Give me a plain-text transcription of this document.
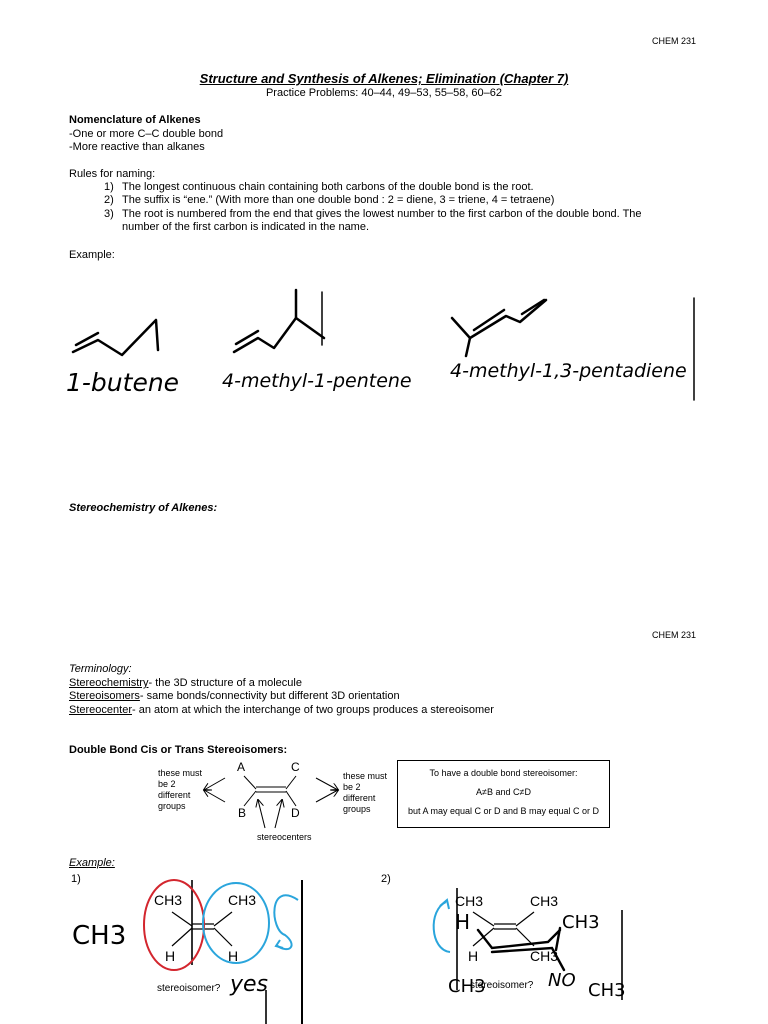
CHEM 231
Structure and Synthesis of Alkenes; Elimination (Chapter 7)
Practice Problems: 40–44, 49–53, 55–58, 60–62
Nomenclature of Alkenes
-One or more C–C double bond
-More reactive than alkanes
Rules for naming:
1) The longest continuous chain containing both carbons of the double bond is the root.
2) The suffix is “ene.” (With more than one double bond : 2 = diene, 3 = triene, 4 = tetraene)
3) The root is numbered from the end that gives the lowest number to the first carbon of the double bond. The
number of the first carbon is indicated in the name.
Example:
1-butene 4-methyl-1-pentene 4-methyl-1,3-pentadiene
Stereochemistry of Alkenes:
CHEM 231
Terminology:
Stereochemistry- the 3D structure of a molecule
Stereoisomers- same bonds/connectivity but different 3D orientation
Stereocenter- an atom at which the interchange of two groups produces a stereoisomer
Double Bond Cis or Trans Stereoisomers:
these must
be 2
different
groups
these must
be 2
different
groups
A
B
C
D
stereocenters
To have a double bond stereoisomer:
A≠B and C≠D
but A may equal C or D and B may equal C or D
Example:
1)	2)
CH3	CH3
H	H
stereoisomer? yes
CH3
CH3	CH3
H	CH3
stereoisomer? NO
CH3
CH3	CH3
H
